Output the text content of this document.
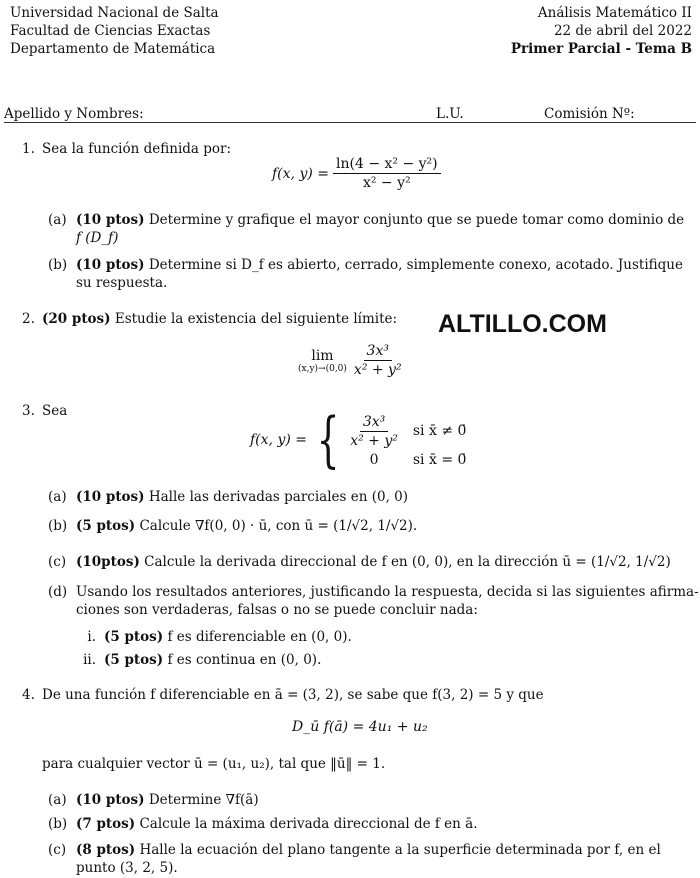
Universidad Nacional de Salta
Facultad de Ciencias Exactas
Departamento de Matemática
Análisis Matemático II
22 de abril del 2022
Primer Parcial - Tema B
Apellido y Nombres:	L.U.	Comisión Nº:
ALTILLO.COM
1. Sea la función definida por:
f(x, $y) = \frac{\text{ln(4 − x² − y²)}}{\text{x² − y²}}$
(a) (10 ptos) Determine y grafique el mayor conjunto que se puede tomar como dominio de
f (D_f)
(b) (10 ptos) Determine si D_f es abierto, cerrado, simplemente conexo, acotado. Justifique
su respuesta.
2. (20 ptos) Estudie la existencia del siguiente límite:
lim
$(x,y)\to(0,0) \frac{\text{3x³}}{\text{x² + y²}}$
3. Sea
f(x, y) = { $\frac{\text{3x³}}{\text{x² + y²}}$ si x̄ ≠ 0̄
0	si x̄ = 0̄
(a) (10 ptos) Halle las derivadas parciales en (0, 0)
(b) (5 ptos) Calcule ∇f(0, 0) · ū, con ū = (1/√2, 1/√2).
(c) (10ptos) Calcule la derivada direccional de f en (0, 0), en la dirección ū = (1/√2, 1/√2)
(d) Usando los resultados anteriores, justificando la respuesta, decida si las siguientes afirma-
ciones son verdaderas, falsas o no se puede concluir nada:
i. (5 ptos) f es diferenciable en (0, 0).
ii. (5 ptos) f es continua en (0, 0).
4. De una función f diferenciable en ā = (3, 2), se sabe que f(3, 2) = 5 y que
D_ū f(ā) = 4u₁ + u₂
para cualquier vector ū = (u₁, u₂), tal que ‖ū‖ = 1.
(a) (10 ptos) Determine ∇f(ā)
(b) (7 ptos) Calcule la máxima derivada direccional de f en ā.
(c) (8 ptos) Halle la ecuación del plano tangente a la superficie determinada por f, en el
punto (3, 2, 5).
